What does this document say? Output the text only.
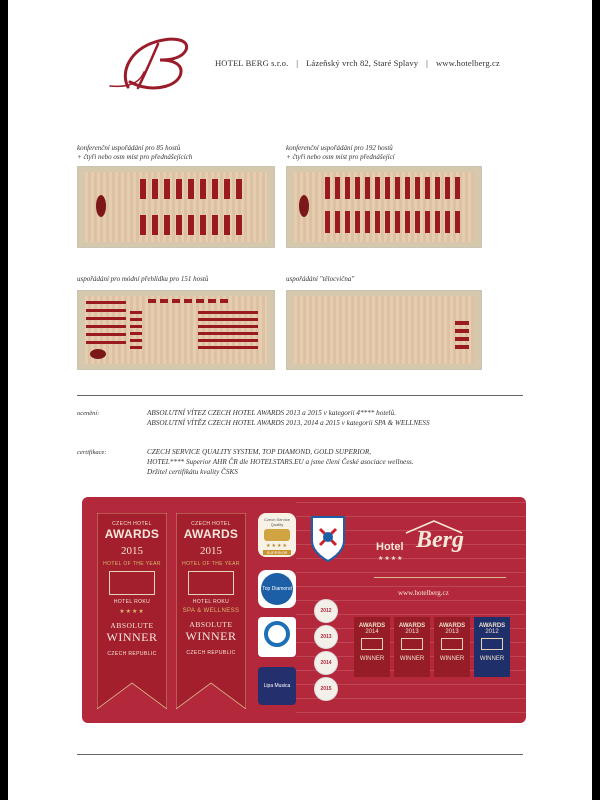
HOTEL BERG s.r.o. | Lázeňský vrch 82, Staré Splavy | www.hotelberg.cz
konferenční uspořádání pro 85 hostů
+ čtyři nebo osm míst pro přednášejících
konferenční uspořádání pro 192 hostů
+ čtyři nebo osm míst pro přednášející
uspořádání pro módní přehlídku pro 151 hostů	uspořádání "tělocvična"
ocenění:	ABSOLUTNÍ VÍTEZ CZECH HOTEL AWARDS 2013 a 2015 v kategorii 4**** hotelů.
ABSOLUTNÍ VÍTĚZ CZECH HOTEL AWARDS 2013, 2014 a 2015 v kategorii SPA & WELLNESS
certifikace:	CZECH SERVICE QUALITY SYSTEM, TOP DIAMOND, GOLD SUPERIOR,
HOTEL**** Superior AHR ČR dle HOTELSTARS.EU a jsme členi České asociace wellness.
Držitel certifikátu kvality ČSKS
CZECH HOTEL
AWARDS
2015
HOTEL OF THE YEAR
HOTEL ROKU
★★★★
ABSOLUTE
WINNER
CZECH REPUBLIC
CZECH HOTEL
AWARDS
2015
HOTEL OF THE YEAR
HOTEL ROKU
SPA & WELLNESS
ABSOLUTE
WINNER
CZECH REPUBLIC
Czech Service Quality
★★★★
SUPERIOR
Top Diamond
Lipa Musica
2012
2013
2014
2015
Hotel Berg
★★★★
www.hotelberg.cz
AWARDS
2014
WINNER
AWARDS
2013
WINNER
AWARDS
2013
WINNER
AWARDS
2012
WINNER
